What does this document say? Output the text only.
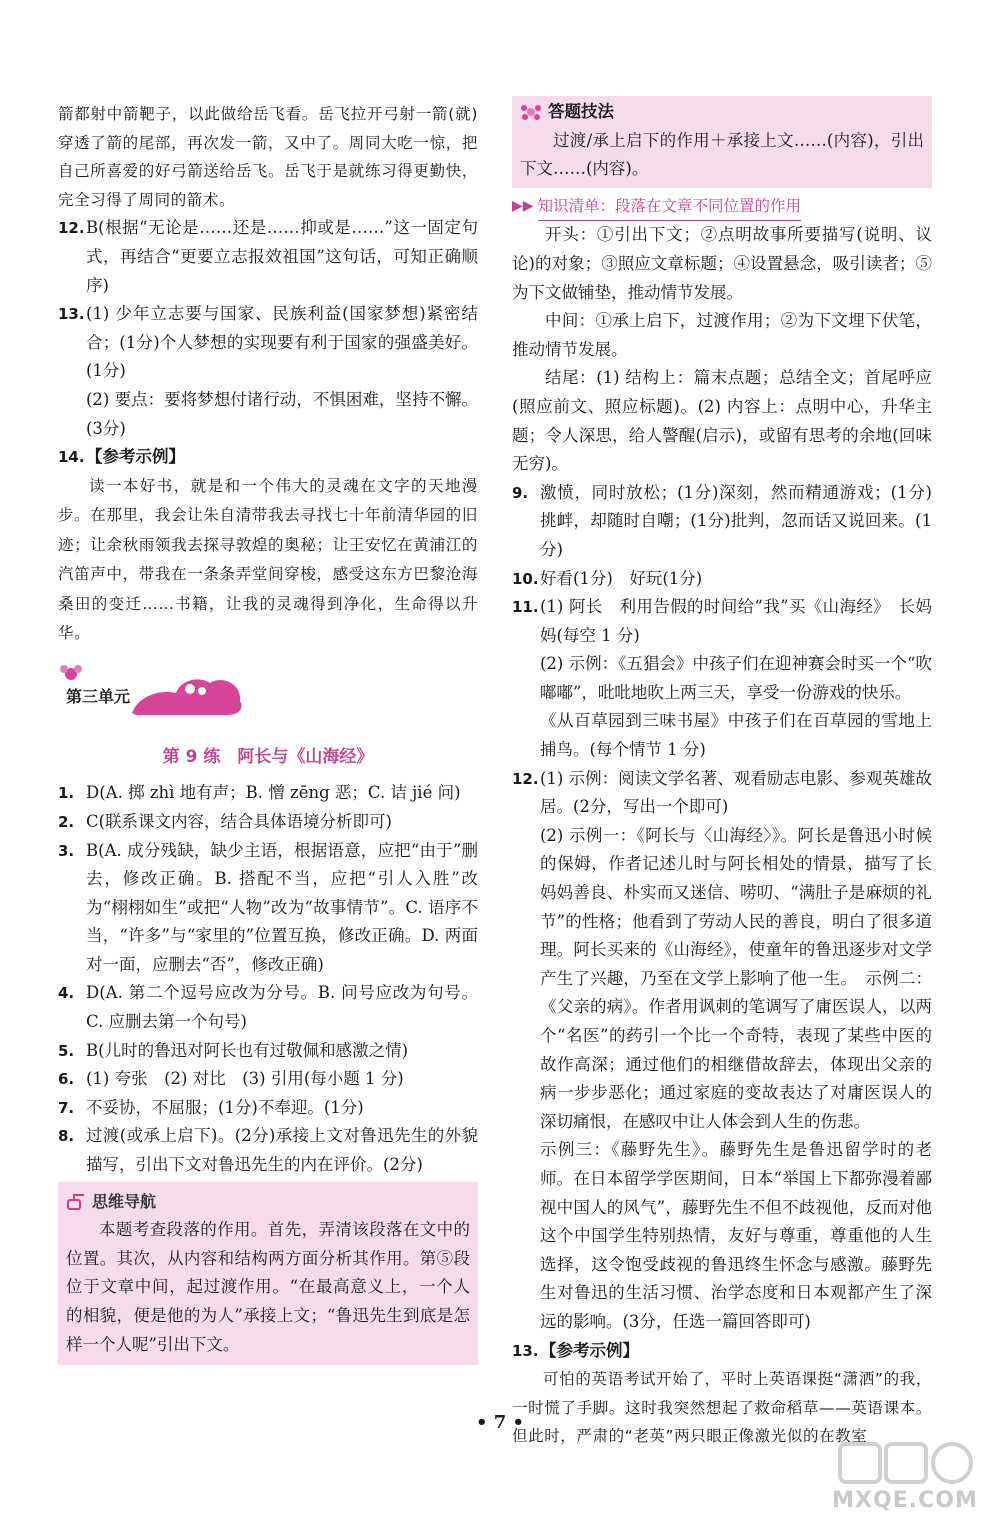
箭都射中箭靶子，以此做给岳飞看。岳飞拉开弓射一箭(就)穿透了箭的尾部，再次发一箭，又中了。周同大吃一惊，把自己所喜爱的好弓箭送给岳飞。岳飞于是就练习得更勤快，完全习得了周同的箭术。

12. B(根据“无论是……还是……抑或是……”这一固定句式，再结合“更要立志报效祖国”这句话，可知正确顺序)

13. (1) 少年立志要与国家、民族利益(国家梦想)紧密结合；(1分)个人梦想的实现要有利于国家的强盛美好。(1分)

(2) 要点：要将梦想付诸行动，不惧困难，坚持不懈。(3分)

14. 【参考示例】

读一本好书，就是和一个伟大的灵魂在文字的天地漫步。在那里，我会让朱自清带我去寻找七十年前清华园的旧迹；让余秋雨领我去探寻敦煌的奥秘；让王安忆在黄浦江的汽笛声中，带我在一条条弄堂间穿梭，感受这东方巴黎沧海桑田的变迁……书籍，让我的灵魂得到净化，生命得以升华。

第三单元
第 9 练　阿长与《山海经》
1. D(A. 掷 zhì 地有声；B. 憎 zēng 恶；C. 诘 jié 问)

2. C(联系课文内容，结合具体语境分析即可)

3. B(A. 成分残缺，缺少主语，根据语意，应把“由于”删去，修改正确。B. 搭配不当，应把“引人入胜”改为“栩栩如生”或把“人物”改为“故事情节”。C. 语序不当，“许多”与“家里的”位置互换，修改正确。D. 两面对一面，应删去“否”，修改正确)

4. D(A. 第二个逗号应改为分号。B. 问号应改为句号。C. 应删去第一个句号)

5. B(儿时的鲁迅对阿长也有过敬佩和感激之情)

6. (1) 夸张　(2) 对比　(3) 引用(每小题 1 分)

7. 不妥协，不屈服；(1分)不奉迎。(1分)

8. 过渡(或承上启下)。(2分)承接上文对鲁迅先生的外貌描写，引出下文对鲁迅先生的内在评价。(2分)

思维导航

本题考查段落的作用。首先，弄清该段落在文中的位置。其次，从内容和结构两方面分析其作用。第⑤段位于文章中间，起过渡作用。“在最高意义上，一个人的相貌，便是他的为人”承接上文；“鲁迅先生到底是怎样一个人呢”引出下文。

答题技法

过渡/承上启下的作用＋承接上文……(内容)，引出下文……(内容)。

▶▶ 知识清单：段落在文章不同位置的作用

开头：①引出下文；②点明故事所要描写(说明、议论)的对象；③照应文章标题；④设置悬念，吸引读者；⑤为下文做铺垫，推动情节发展。

中间：①承上启下，过渡作用；②为下文埋下伏笔，推动情节发展。

结尾：(1) 结构上：篇末点题；总结全文；首尾呼应(照应前文、照应标题)。(2) 内容上：点明中心，升华主题；令人深思，给人警醒(启示)，或留有思考的余地(回味无穷)。

9. 激愤，同时放松；(1分)深刻，然而精通游戏；(1分)挑衅，却随时自嘲；(1分)批判，忽而话又说回来。(1分)

10. 好看(1分)　好玩(1分)

11. (1) 阿长　利用告假的时间给“我”买《山海经》　长妈妈(每空 1 分)

(2) 示例：《五猖会》中孩子们在迎神赛会时买一个“吹嘟嘟”，吡吡地吹上两三天，享受一份游戏的快乐。

《从百草园到三味书屋》中孩子们在百草园的雪地上捕鸟。(每个情节 1 分)

12. (1) 示例：阅读文学名著、观看励志电影、参观英雄故居。(2分，写出一个即可)

(2) 示例一：《阿长与〈山海经〉》。阿长是鲁迅小时候的保姆，作者记述儿时与阿长相处的情景，描写了长妈妈善良、朴实而又迷信、唠叨、“满肚子是麻烦的礼节”的性格；他看到了劳动人民的善良，明白了很多道理。阿长买来的《山海经》，使童年的鲁迅逐步对文学产生了兴趣，乃至在文学上影响了他一生。　示例二：《父亲的病》。作者用讽刺的笔调写了庸医误人，以两个“名医”的药引一个比一个奇特，表现了某些中医的故作高深；通过他们的相继借故辞去，体现出父亲的病一步步恶化；通过家庭的变故表达了对庸医误人的深切痛恨，在感叹中让人体会到人生的伤悲。

示例三：《藤野先生》。藤野先生是鲁迅留学时的老师。在日本留学学医期间，日本“举国上下都弥漫着鄙视中国人的风气”，藤野先生不但不歧视他，反而对他这个中国学生特别热情，友好与尊重，尊重他的人生选择，这令饱受歧视的鲁迅终生怀念与感激。藤野先生对鲁迅的生活习惯、治学态度和日本观都产生了深远的影响。(3分，任选一篇回答即可)

13. 【参考示例】

可怕的英语考试开始了，平时上英语课挺“潇洒”的我，一时慌了手脚。这时我突然想起了救命稻草——英语课本。但此时，严肃的“老英”两只眼正像激光似的在教室

• 7 •
MXQE.COM
